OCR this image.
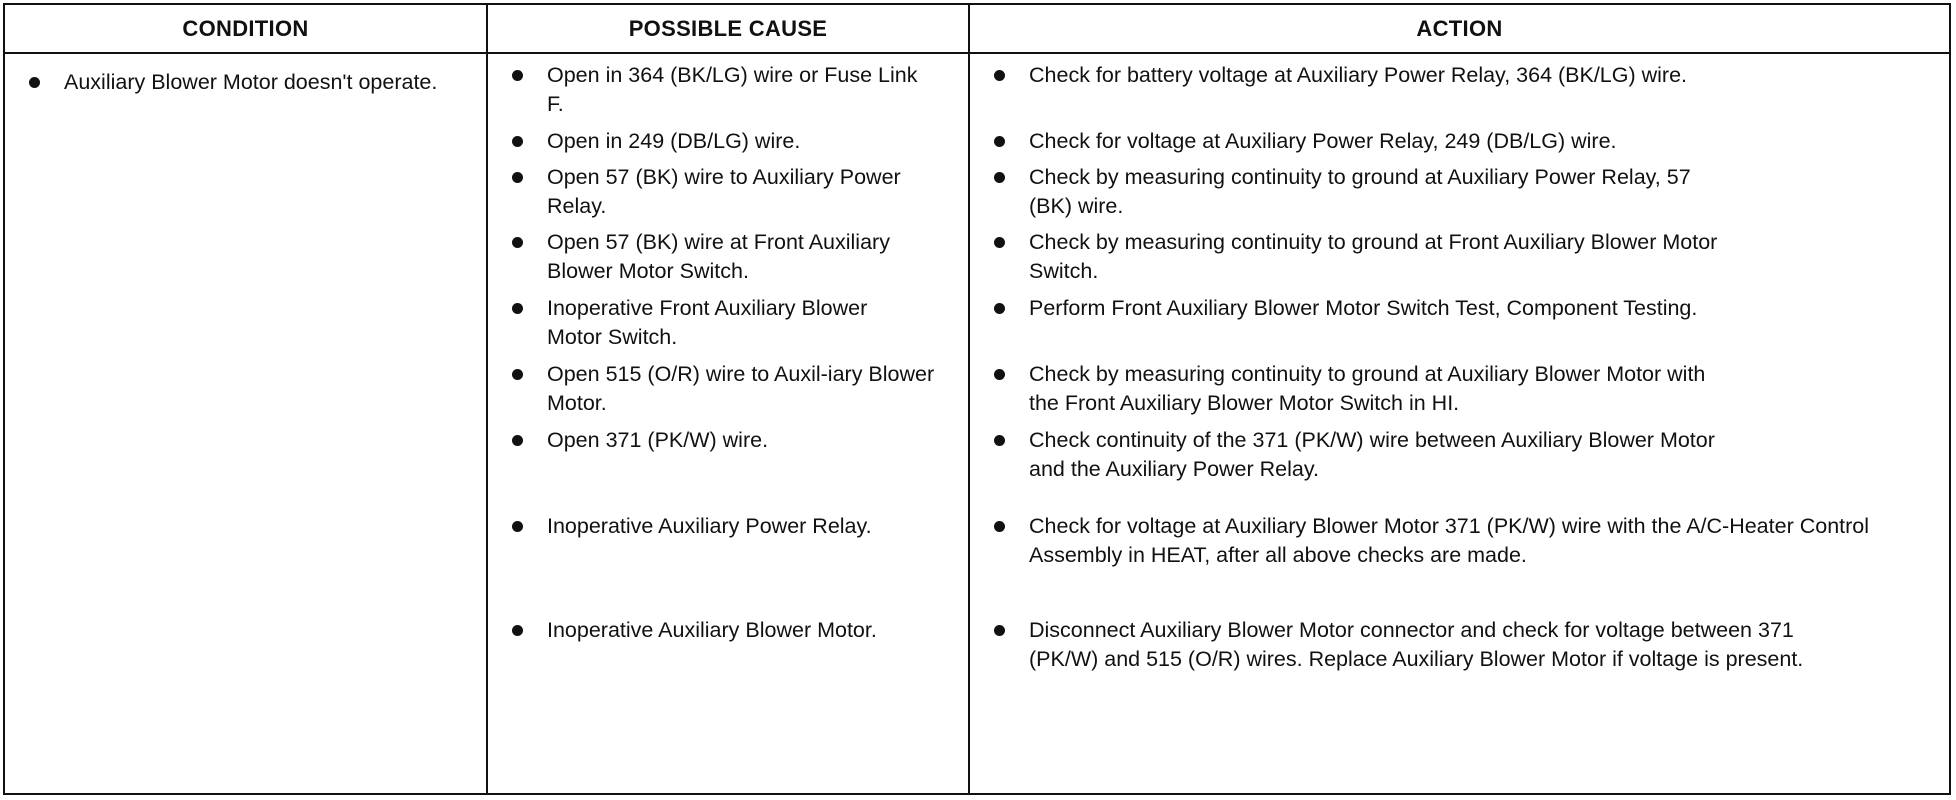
CONDITION
Auxiliary Blower Motor doesn't operate.
POSSIBLE CAUSE
Open in 364 (BK/LG) wire or Fuse Link F.
Open in 249 (DB/LG) wire.
Open 57 (BK) wire to Auxiliary Power Relay.
Open 57 (BK) wire at Front Auxiliary Blower Motor Switch.
Inoperative Front Auxiliary Blower Motor Switch.
Open 515 (O/R) wire to Auxil-iary Blower Motor.
Open 371 (PK/W) wire.
Inoperative Auxiliary Power Relay.
Inoperative Auxiliary Blower Motor.
ACTION
Check for battery voltage at Auxiliary Power Relay, 364 (BK/LG) wire.
Check for voltage at Auxiliary Power Relay, 249 (DB/LG) wire.
Check by measuring continuity to ground at Auxiliary Power Relay, 57 (BK) wire.
Check by measuring continuity to ground at Front Auxiliary Blower Motor Switch.
Perform Front Auxiliary Blower Motor Switch Test, Component Testing.
Check by measuring continuity to ground at Auxiliary Blower Motor with the Front Auxiliary Blower Motor Switch in HI.
Check continuity of the 371 (PK/W) wire between Auxiliary Blower Motor and the Auxiliary Power Relay.
Check for voltage at Auxiliary Blower Motor 371 (PK/W) wire with the A/C-Heater Control Assembly in HEAT, after all above checks are made.
Disconnect Auxiliary Blower Motor connector and check for voltage between 371 (PK/W) and 515 (O/R) wires. Replace Auxiliary Blower Motor if voltage is present.
